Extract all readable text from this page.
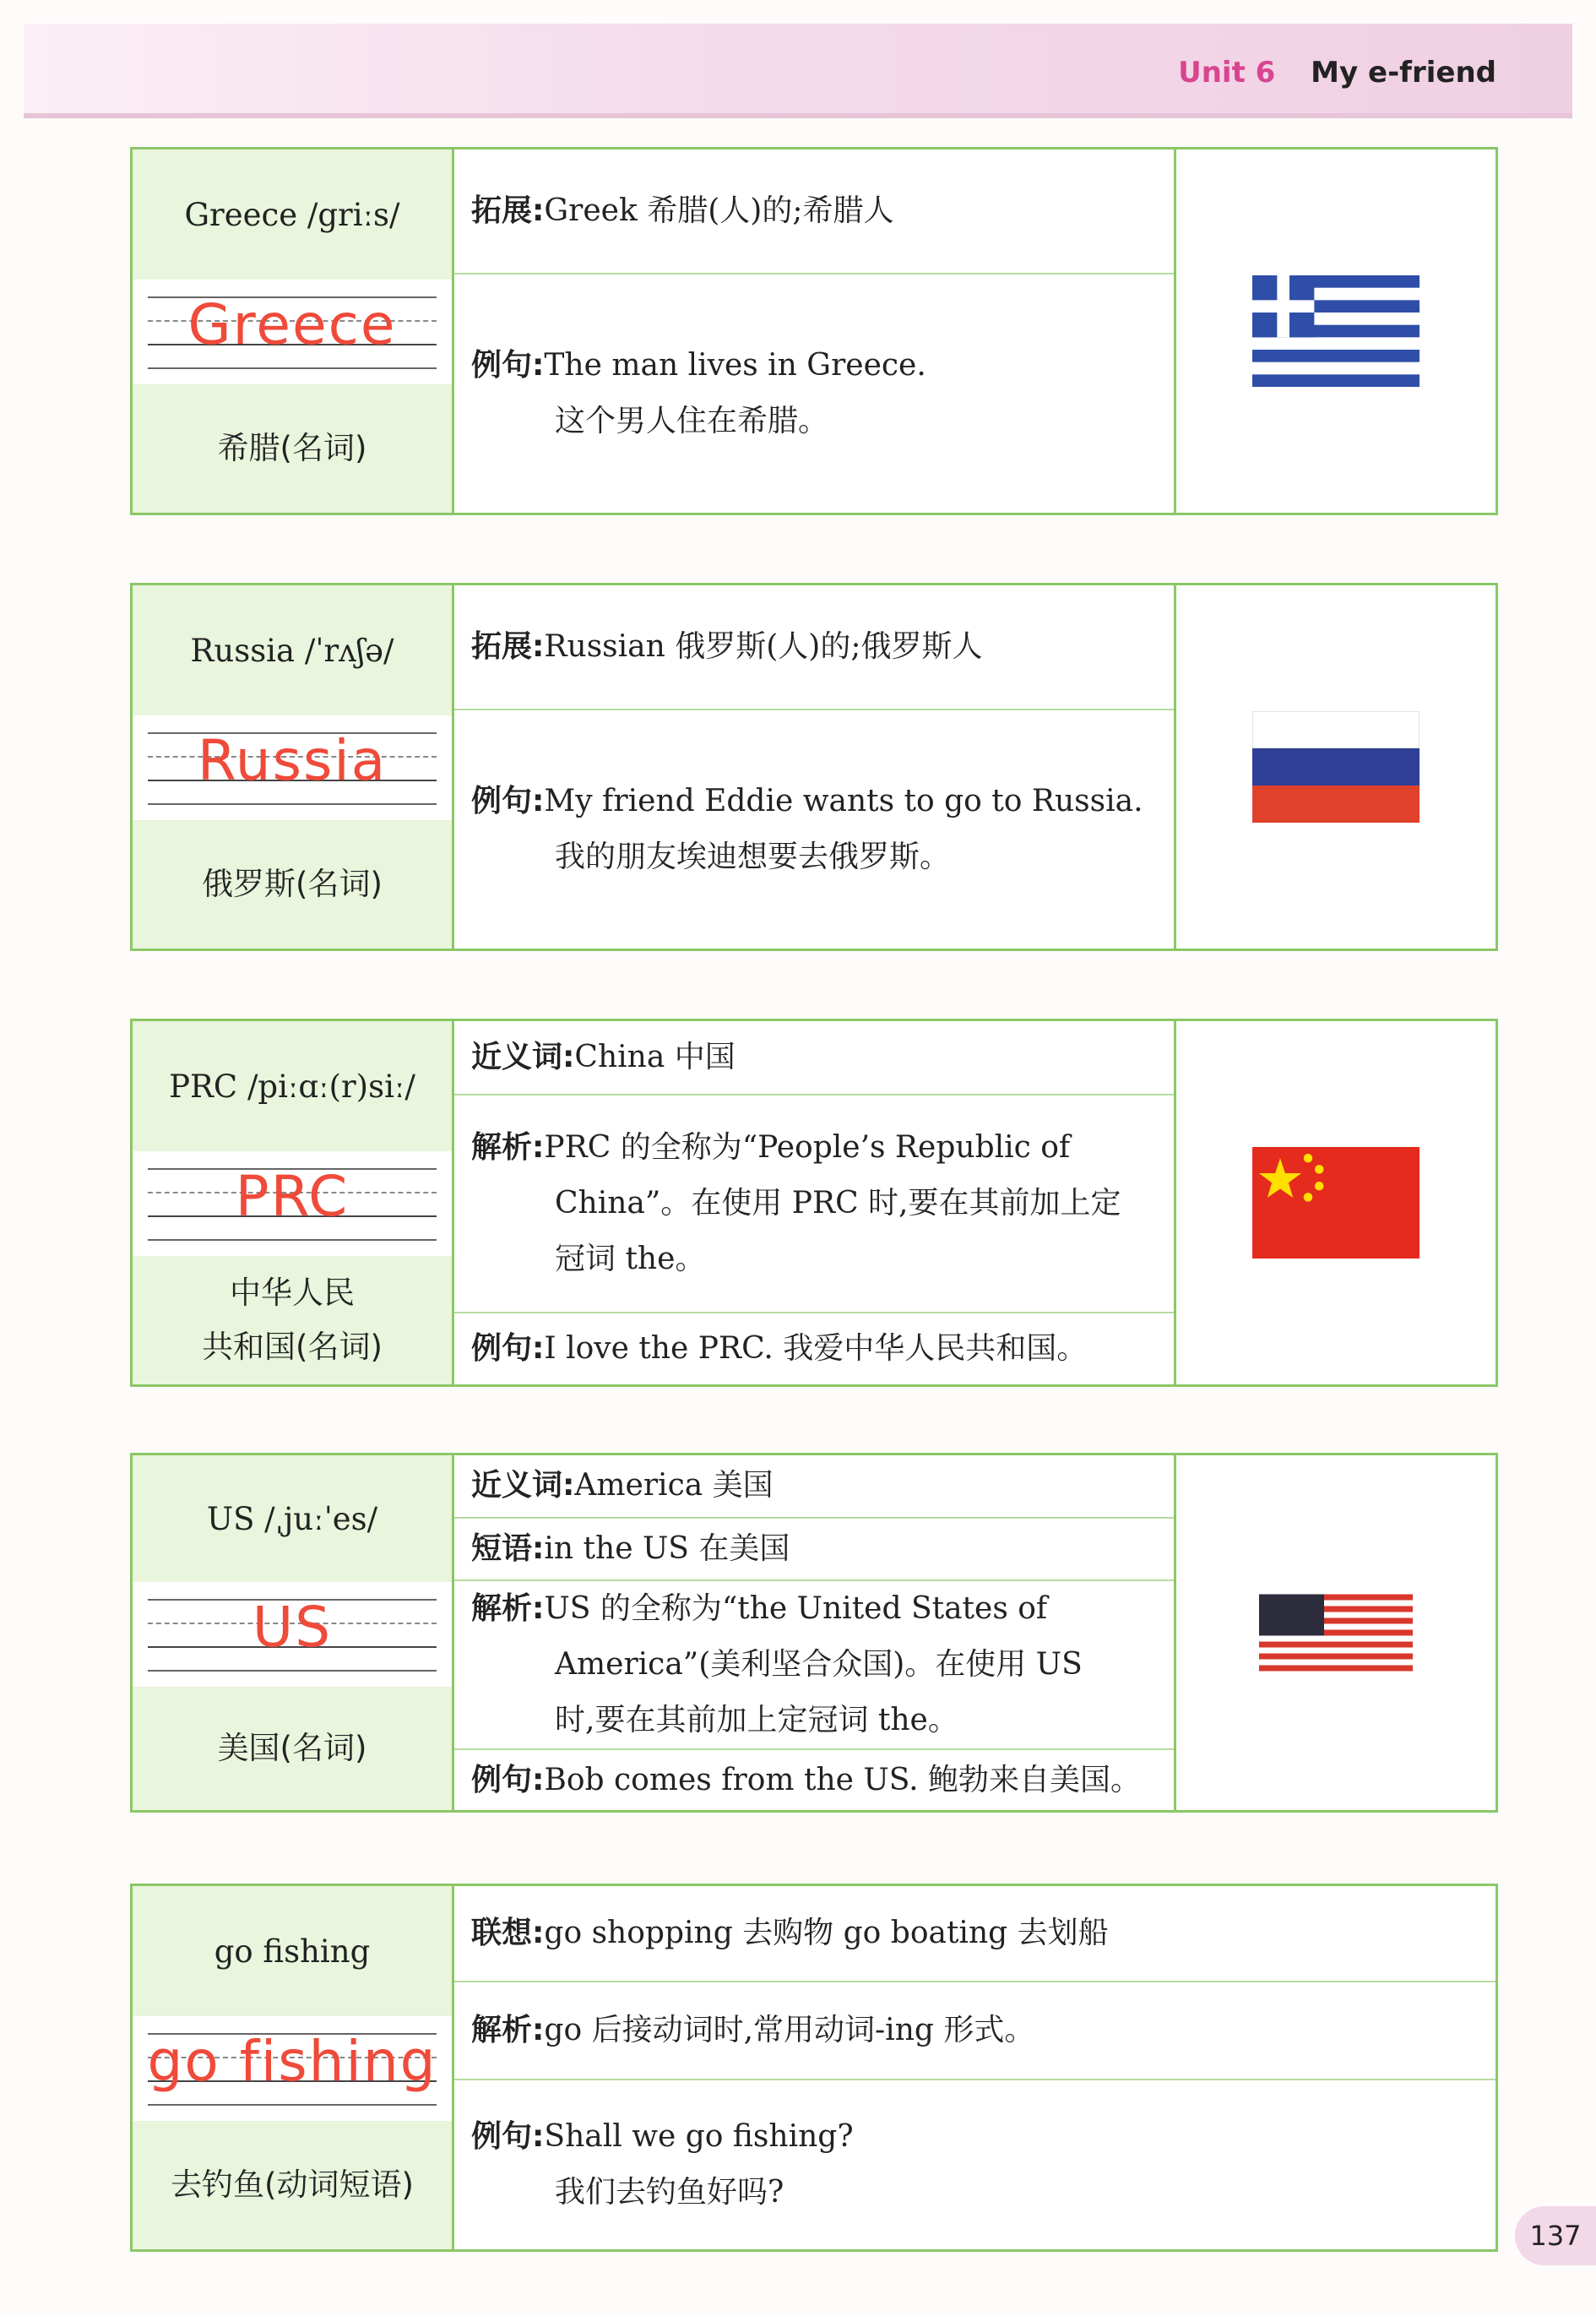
Unit 6 My e-friend
Greece /griːs/
Greece
希腊(名词)
拓展:Greek 希腊(人)的;希腊人
例句:The man lives in Greece.
这个男人住在希腊。
Russia /ˈrʌʃə/
Russia
俄罗斯(名词)
拓展:Russian 俄罗斯(人)的;俄罗斯人
例句:My friend Eddie wants to go to Russia.
我的朋友埃迪想要去俄罗斯。
PRC /piːɑː(r)siː/
PRC
中华人民
共和国(名词)
近义词:China 中国
解析:PRC 的全称为“People’s Republic of
China”。在使用 PRC 时,要在其前加上定
冠词 the。
例句:I love the PRC. 我爱中华人民共和国。
US /ˌjuːˈes/
US
美国(名词)
近义词:America 美国
短语:in the US 在美国
解析:US 的全称为“the United States of
America”(美利坚合众国)。在使用 US
时,要在其前加上定冠词 the。
例句:Bob comes from the US. 鲍勃来自美国。
go fishing
go fishing
去钓鱼(动词短语)
联想:go shopping 去购物 go boating 去划船
解析:go 后接动词时,常用动词-ing 形式。
例句:Shall we go fishing?
我们去钓鱼好吗?
137
